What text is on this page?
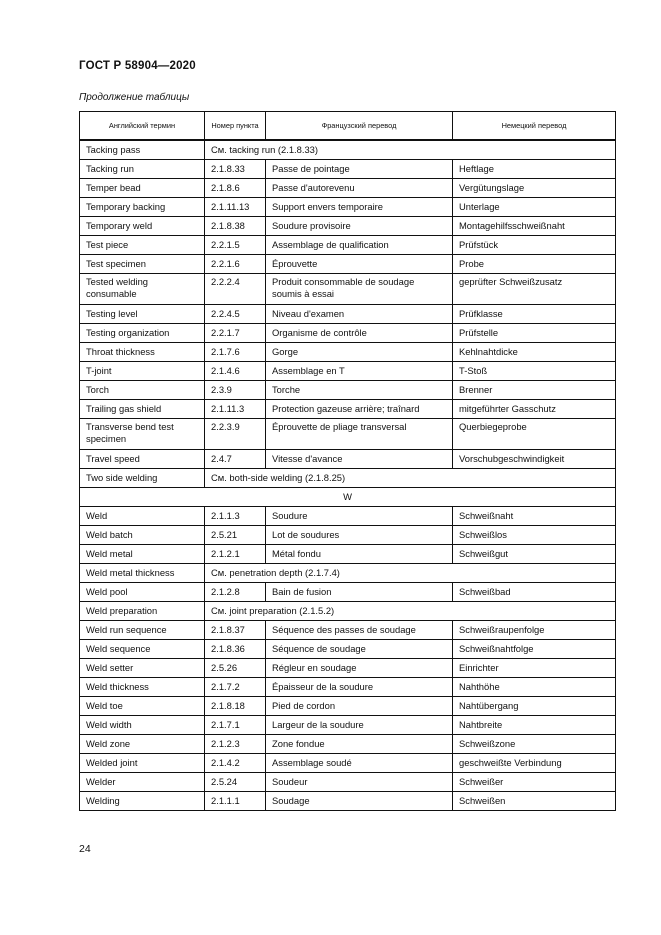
ГОСТ Р 58904—2020
Продолжение таблицы
Английский термин	Номер пункта	Французский перевод	Немецкий перевод
Tacking pass	См. tacking run (2.1.8.33)		
Tacking run	2.1.8.33	Passe de pointage	Heftlage
Temper bead	2.1.8.6	Passe d'autorevenu	Vergütungslage
Temporary backing	2.1.11.13	Support envers temporaire	Unterlage
Temporary weld	2.1.8.38	Soudure provisoire	Montagehilfsschweißnaht
Test piece	2.2.1.5	Assemblage de qualification	Prüfstück
Test specimen	2.2.1.6	Éprouvette	Probe
Tested welding consumable	2.2.2.4	Produit consommable de soudage soumis à essai	geprüfter Schweißzusatz
Testing level	2.2.4.5	Niveau d'examen	Prüfklasse
Testing organization	2.2.1.7	Organisme de contrôle	Prüfstelle
Throat thickness	2.1.7.6	Gorge	Kehlnahtdicke
T-joint	2.1.4.6	Assemblage en T	T-Stoß
Torch	2.3.9	Torche	Brenner
Trailing gas shield	2.1.11.3	Protection gazeuse arrière; traînard	mitgeführter Gasschutz
Transverse bend test specimen	2.2.3.9	Éprouvette de pliage transversal	Querbiegeprobe
Travel speed	2.4.7	Vitesse d'avance	Vorschubgeschwindigkeit
Two side welding	См. both-side welding (2.1.8.25)		
W			
Weld	2.1.1.3	Soudure	Schweißnaht
Weld batch	2.5.21	Lot de soudures	Schweißlos
Weld metal	2.1.2.1	Métal fondu	Schweißgut
Weld metal thickness	См. penetration depth (2.1.7.4)		
Weld pool	2.1.2.8	Bain de fusion	Schweißbad
Weld preparation	См. joint preparation (2.1.5.2)		
Weld run sequence	2.1.8.37	Séquence des passes de soudage	Schweißraupenfolge
Weld sequence	2.1.8.36	Séquence de soudage	Schweißnahtfolge
Weld setter	2.5.26	Régleur en soudage	Einrichter
Weld thickness	2.1.7.2	Épaisseur de la soudure	Nahthöhe
Weld toe	2.1.8.18	Pied de cordon	Nahtübergang
Weld width	2.1.7.1	Largeur de la soudure	Nahtbreite
Weld zone	2.1.2.3	Zone fondue	Schweißzone
Welded joint	2.1.4.2	Assemblage soudé	geschweißte Verbindung
Welder	2.5.24	Soudeur	Schweißer
Welding	2.1.1.1	Soudage	Schweißen
24
